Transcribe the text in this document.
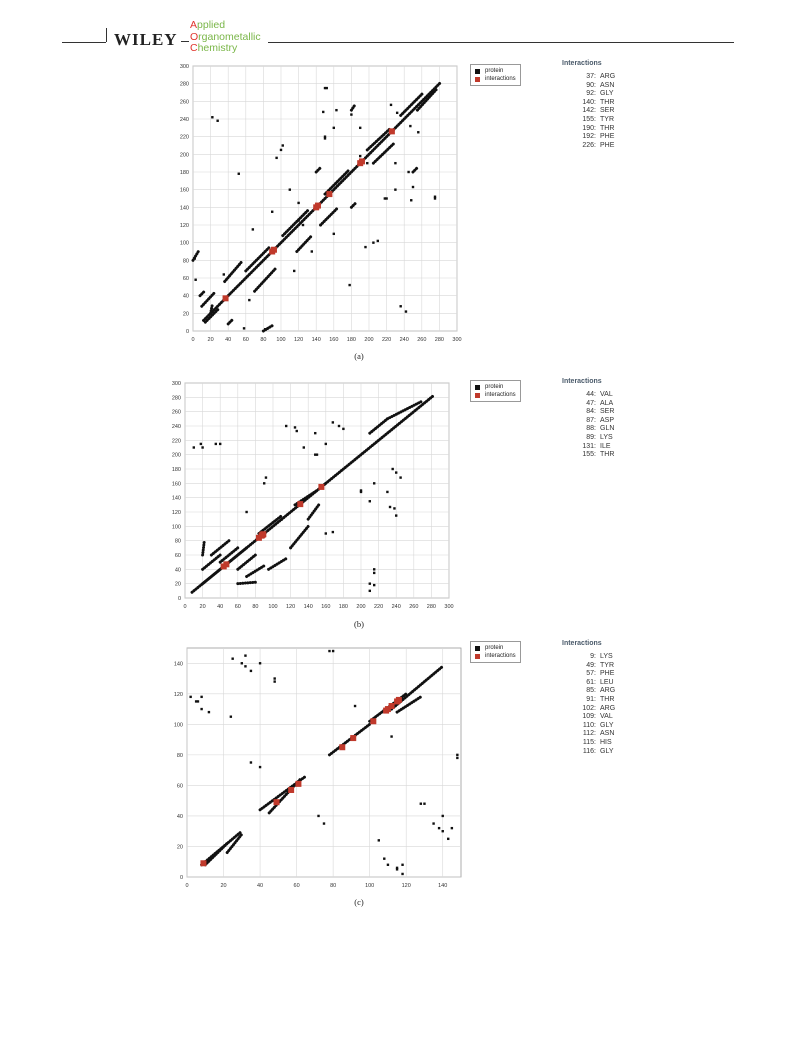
WILEY
Applied
Organometallic
Chemistry
0 20 40 60 80 100 120 140 160 180 200 220 240 260 280 300
0
20
40
60
80
100
120
140
160
180
200
220
240
260
280
300
protein
interactions
Interactions
37: ARG
90: ASN
92: GLY
140: THR
142: SER
155: TYR
190: THR
192: PHE
226: PHE
(a)
0 20 40 60 80 100 120 140 160 180 200 220 240 260 280 300
0
20
40
60
80
100
120
140
160
180
200
220
240
260
280
300	protein
interactions
Interactions
44: VAL
47: ALA
84: SER
87: ASP
88: GLN
89: LYS
131: ILE
155: THR
(b)
0	20	40	60	80	100	120	140
0
20
40
60
80
100
120
140
protein
interactions
Interactions
9: LYS
49: TYR
57: PHE
61: LEU
85: ARG
91: THR
102: ARG
109: VAL
110: GLY
112: ASN
115: HIS
116: GLY
(c)
